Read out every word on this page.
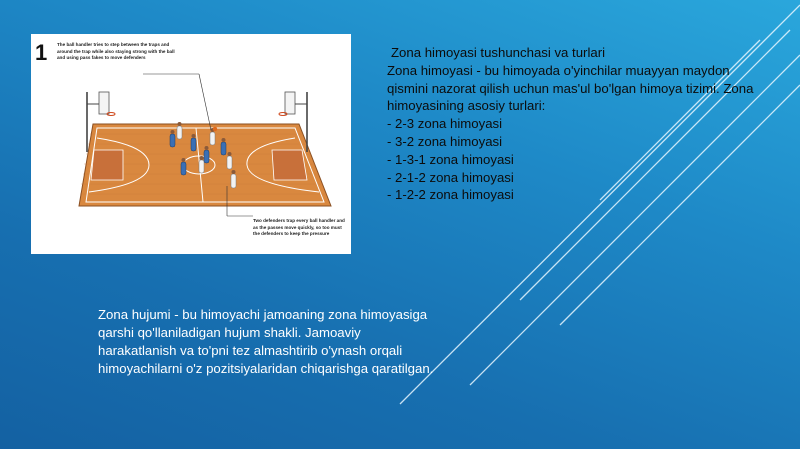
1 The ball handler tries to step between the traps and around the trap while also staying strong with the ball and using pass fakes to move defenders
Two defenders trap every ball handler and as the passes move quickly, so too must the defenders to keep the pressure
Zona himoyasi tushunchasi va turlari
Zona himoyasi - bu himoyada o'yinchilar muayyan maydon
qismini nazorat qilish uchun mas'ul bo'lgan himoya tizimi. Zona
himoyasining asosiy turlari:
- 2-3 zona himoyasi
- 3-2 zona himoyasi
- 1-3-1 zona himoyasi
- 2-1-2 zona himoyasi
- 1-2-2 zona himoyasi
Zona hujumi - bu himoyachi jamoaning zona himoyasiga
qarshi qo'llaniladigan hujum shakli. Jamoaviy
harakatlanish va to'pni tez almashtirib o'ynash orqali
himoyachilarni o'z pozitsiyalaridan chiqarishga qaratilgan.
